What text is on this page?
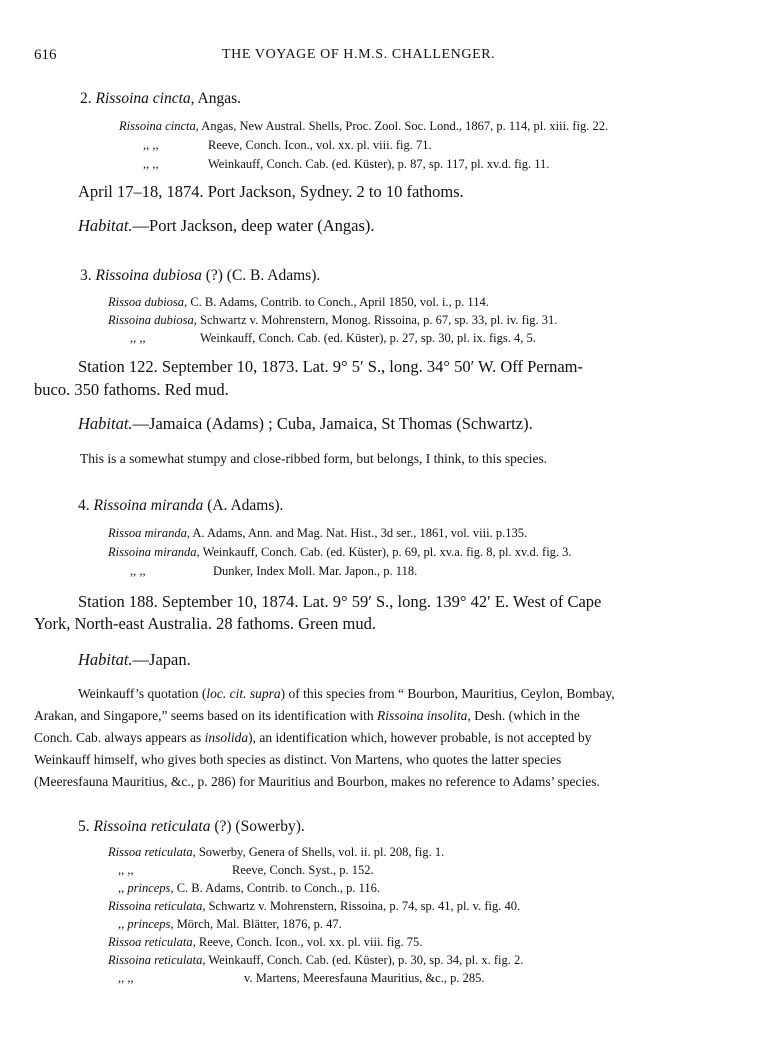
616	THE VOYAGE OF H.M.S. CHALLENGER.
2. Rissoina cincta, Angas.
Rissoina cincta, Angas, New Austral. Shells, Proc. Zool. Soc. Lond., 1867, p. 114, pl. xiii. fig. 22.
,, ,,	Reeve, Conch. Icon., vol. xx. pl. viii. fig. 71.
,, ,,	Weinkauff, Conch. Cab. (ed. Küster), p. 87, sp. 117, pl. xv.d. fig. 11.
April 17–18, 1874. Port Jackson, Sydney. 2 to 10 fathoms.
Habitat.—Port Jackson, deep water (Angas).
3. Rissoina dubiosa (?) (C. B. Adams).
Rissoa dubiosa, C. B. Adams, Contrib. to Conch., April 1850, vol. i., p. 114.
Rissoina dubiosa, Schwartz v. Mohrenstern, Monog. Rissoina, p. 67, sp. 33, pl. iv. fig. 31.
,, ,,	Weinkauff, Conch. Cab. (ed. Küster), p. 27, sp. 30, pl. ix. figs. 4, 5.
Station 122. September 10, 1873. Lat. 9° 5′ S., long. 34° 50′ W. Off Pernam-
buco. 350 fathoms. Red mud.
Habitat.—Jamaica (Adams) ; Cuba, Jamaica, St Thomas (Schwartz).
This is a somewhat stumpy and close-ribbed form, but belongs, I think, to this species.
4. Rissoina miranda (A. Adams).
Rissoa miranda, A. Adams, Ann. and Mag. Nat. Hist., 3d ser., 1861, vol. viii. p.135.
Rissoina miranda, Weinkauff, Conch. Cab. (ed. Küster), p. 69, pl. xv.a. fig. 8, pl. xv.d. fig. 3.
,, ,,	Dunker, Index Moll. Mar. Japon., p. 118.
Station 188. September 10, 1874. Lat. 9° 59′ S., long. 139° 42′ E. West of Cape
York, North-east Australia. 28 fathoms. Green mud.
Habitat.—Japan.
Weinkauff’s quotation (loc. cit. supra) of this species from “ Bourbon, Mauritius, Ceylon, Bombay,
Arakan, and Singapore,” seems based on its identification with Rissoina insolita, Desh. (which in the
Conch. Cab. always appears as insolida), an identification which, however probable, is not accepted by
Weinkauff himself, who gives both species as distinct. Von Martens, who quotes the latter species
(Meeresfauna Mauritius, &c., p. 286) for Mauritius and Bourbon, makes no reference to Adams’ species.
5. Rissoina reticulata (?) (Sowerby).
Rissoa reticulata, Sowerby, Genera of Shells, vol. ii. pl. 208, fig. 1.
,, ,,	Reeve, Conch. Syst., p. 152.
,, princeps, C. B. Adams, Contrib. to Conch., p. 116.
Rissoina reticulata, Schwartz v. Mohrenstern, Rissoina, p. 74, sp. 41, pl. v. fig. 40.
,, princeps, Mörch, Mal. Blätter, 1876, p. 47.
Rissoa reticulata, Reeve, Conch. Icon., vol. xx. pl. viii. fig. 75.
Rissoina reticulata, Weinkauff, Conch. Cab. (ed. Küster), p. 30, sp. 34, pl. x. fig. 2.
,, ,,	v. Martens, Meeresfauna Mauritius, &c., p. 285.
